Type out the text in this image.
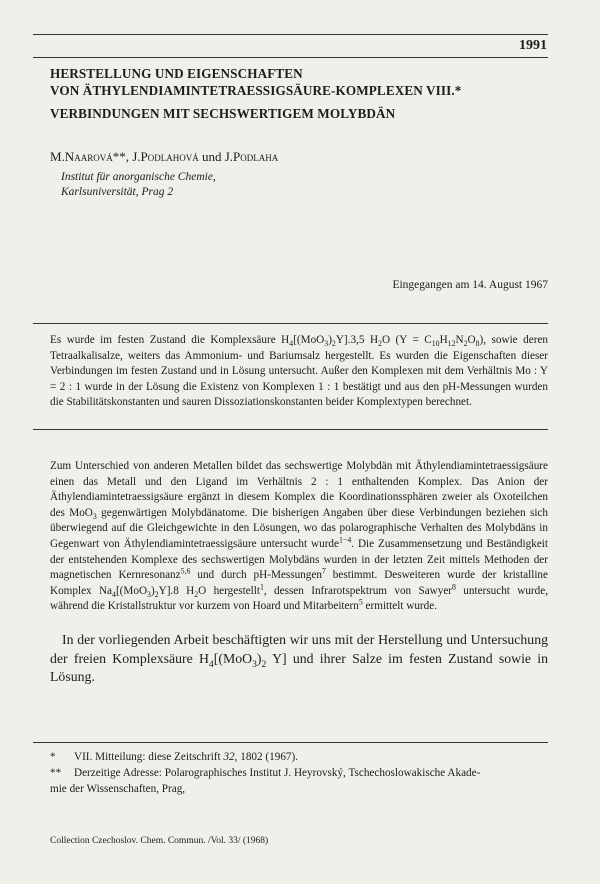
1991
HERSTELLUNG UND EIGENSCHAFTEN
VON ÄTHYLENDIAMINTETRAESSIGSÄURE-KOMPLEXEN VIII.*
VERBINDUNGEN MIT SECHSWERTIGEM MOLYBDÄN
M.Naarová**, J.Podlahová und J.Podlaha
Institut für anorganische Chemie,
Karlsuniversität, Prag 2
Eingegangen am 14. August 1967
Es wurde im festen Zustand die Komplexsäure $H_4[(MoO_3)_2Y].3,5$ $H_2O$ $(Y = C_{10}H_{12}N_2O_8)$, sowie deren Tetraalkalisalze, weiters das Ammonium- und Bariumsalz hergestellt. Es wurden die Eigenschaften dieser Verbindungen im festen Zustand und in Lösung untersucht. Außer den Komplexen mit dem Verhältnis Mo : Y = 2 : 1 wurde in der Lösung die Existenz von Komplexen 1 : 1 bestätigt und aus den pH-Messungen wurden die Stabilitätskonstanten und sauren Dissoziationskonstanten beider Komplextypen berechnet.
Zum Unterschied von anderen Metallen bildet das sechswertige Molybdän mit Äthylendiamintetraessigsäure einen das Metall und den Ligand im Verhältnis 2 : 1 enthaltenden Komplex. Das Anion der Äthylendiamintetraessigsäure ergänzt in diesem Komplex die Koordinationssphären zweier als Oxoteilchen des MoO$_3$ gegenwärtigen Molybdänatome. Die bisherigen Angaben über diese Verbindungen beziehen sich überwiegend auf die Gleichgewichte in den Lösungen, wo das polarographische Verhalten des Molybdäns in Gegenwart von Äthylendiamintetraessigsäure untersucht wurde$^{1-4}$. Die Zusammensetzung und Beständigkeit der entstehenden Komplexe des sechswertigen Molybdäns wurden in der letzten Zeit mittels Methoden der magnetischen Kernresonanz$^{5,6}$ und durch pH-Messungen$^7$ bestimmt. Desweiteren wurde der kristalline Komplex $Na_4[(MoO_3)_2Y].8$ $H_2O$ hergestellt$^1$, dessen Infrarotspektrum von Sawyer$^8$ untersucht wurde, während die Kristallstruktur vor kurzem von Hoard und Mitarbeitern$^5$ ermittelt wurde.
In der vorliegenden Arbeit beschäftigten wir uns mit der Herstellung und Untersuchung der freien Komplexsäure $H_4[(MoO_3)_2$ Y] und ihrer Salze im festen Zustand sowie in Lösung.
* VII. Mitteilung: diese Zeitschrift 32, 1802 (1967).
** Derzeitige Adresse: Polarographisches Institut J. Heyrovský, Tschechoslowakische Akade-
mie der Wissenschaften, Prag,
Collection Czechoslov. Chem. Commun. /Vol. 33/ (1968)
